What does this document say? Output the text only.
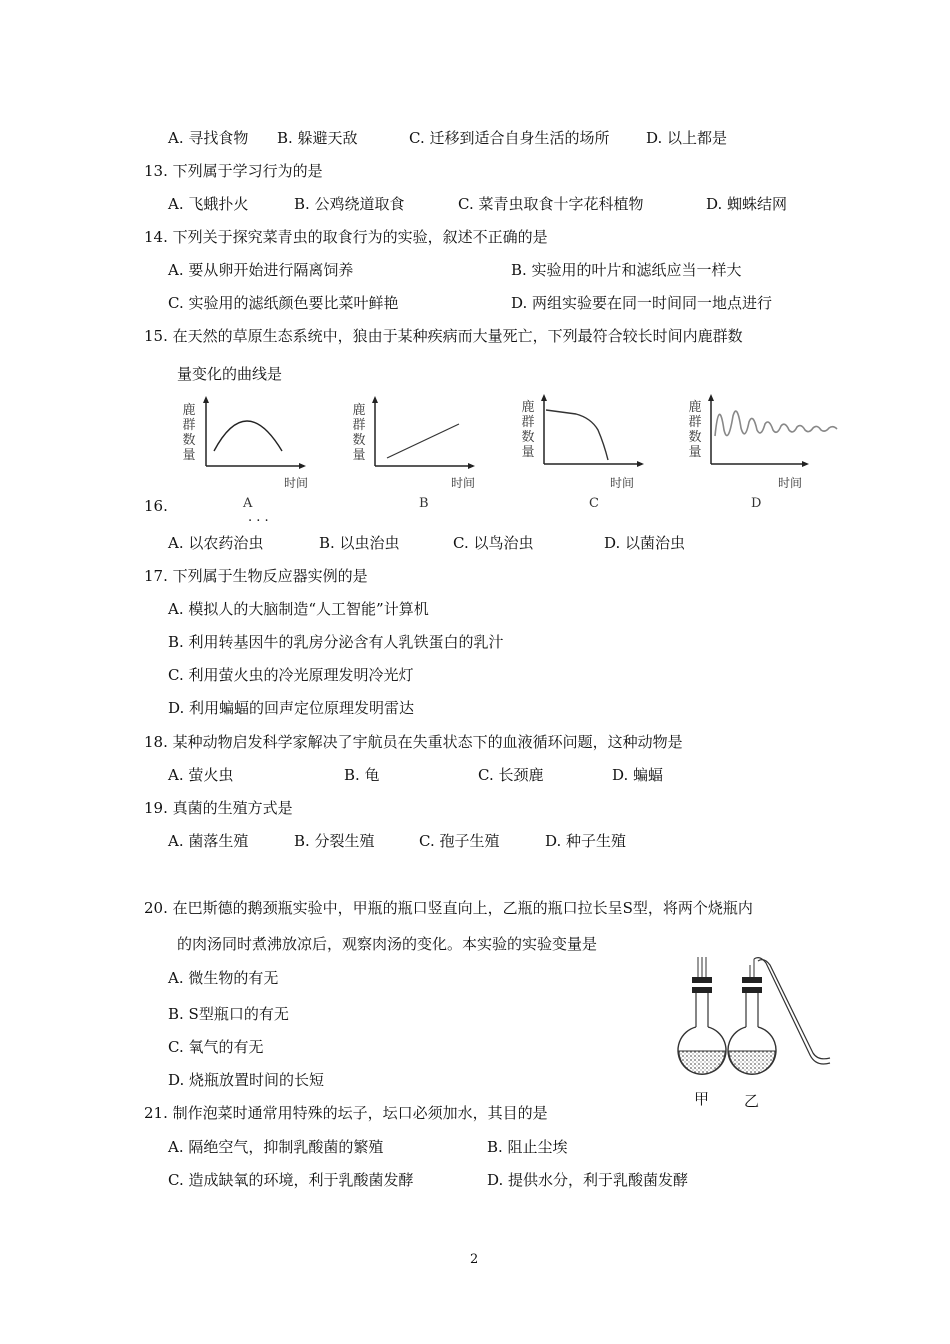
A. 寻找食物 B. 躲避天敌	C. 迁移到适合自身生活的场所 D. 以上都是
13. 下列属于学习行为的是
A. 飞蛾扑火	B. 公鸡绕道取食	C. 菜青虫取食十字花科植物	D. 蜘蛛结网
14. 下列关于探究菜青虫的取食行为的实验，叙述不正确的是
A. 要从卵开始进行隔离饲养	B. 实验用的叶片和滤纸应当一样大
C. 实验用的滤纸颜色要比菜叶鲜艳	D. 两组实验要在同一时间同一地点进行
15. 在天然的草原生态系统中，狼由于某种疾病而大量死亡，下列最符合较长时间内鹿群数
量变化的曲线是
鹿群数量
时间
A
鹿群数量
时间
B
鹿群数量
时间
C
鹿群数量
时间
D
16.
. . .
A. 以农药治虫	B. 以虫治虫	C. 以鸟治虫	D. 以菌治虫
17. 下列属于生物反应器实例的是
A. 模拟人的大脑制造“人工智能”计算机
B. 利用转基因牛的乳房分泌含有人乳铁蛋白的乳汁
C. 利用萤火虫的冷光原理发明冷光灯
D. 利用蝙蝠的回声定位原理发明雷达
18. 某种动物启发科学家解决了宇航员在失重状态下的血液循环问题，这种动物是
A. 萤火虫	B. 龟	C. 长颈鹿	D. 蝙蝠
19. 真菌的生殖方式是
A. 菌落生殖	B. 分裂生殖	C. 孢子生殖	D. 种子生殖
20. 在巴斯德的鹅颈瓶实验中，甲瓶的瓶口竖直向上，乙瓶的瓶口拉长呈S型，将两个烧瓶内
的肉汤同时煮沸放凉后，观察肉汤的变化。本实验的实验变量是
A. 微生物的有无
B. S型瓶口的有无
C. 氧气的有无
D. 烧瓶放置时间的长短
甲 乙
21. 制作泡菜时通常用特殊的坛子，坛口必须加水，其目的是
A. 隔绝空气，抑制乳酸菌的繁殖	B. 阻止尘埃
C. 造成缺氧的环境，利于乳酸菌发酵	D. 提供水分，利于乳酸菌发酵
2
